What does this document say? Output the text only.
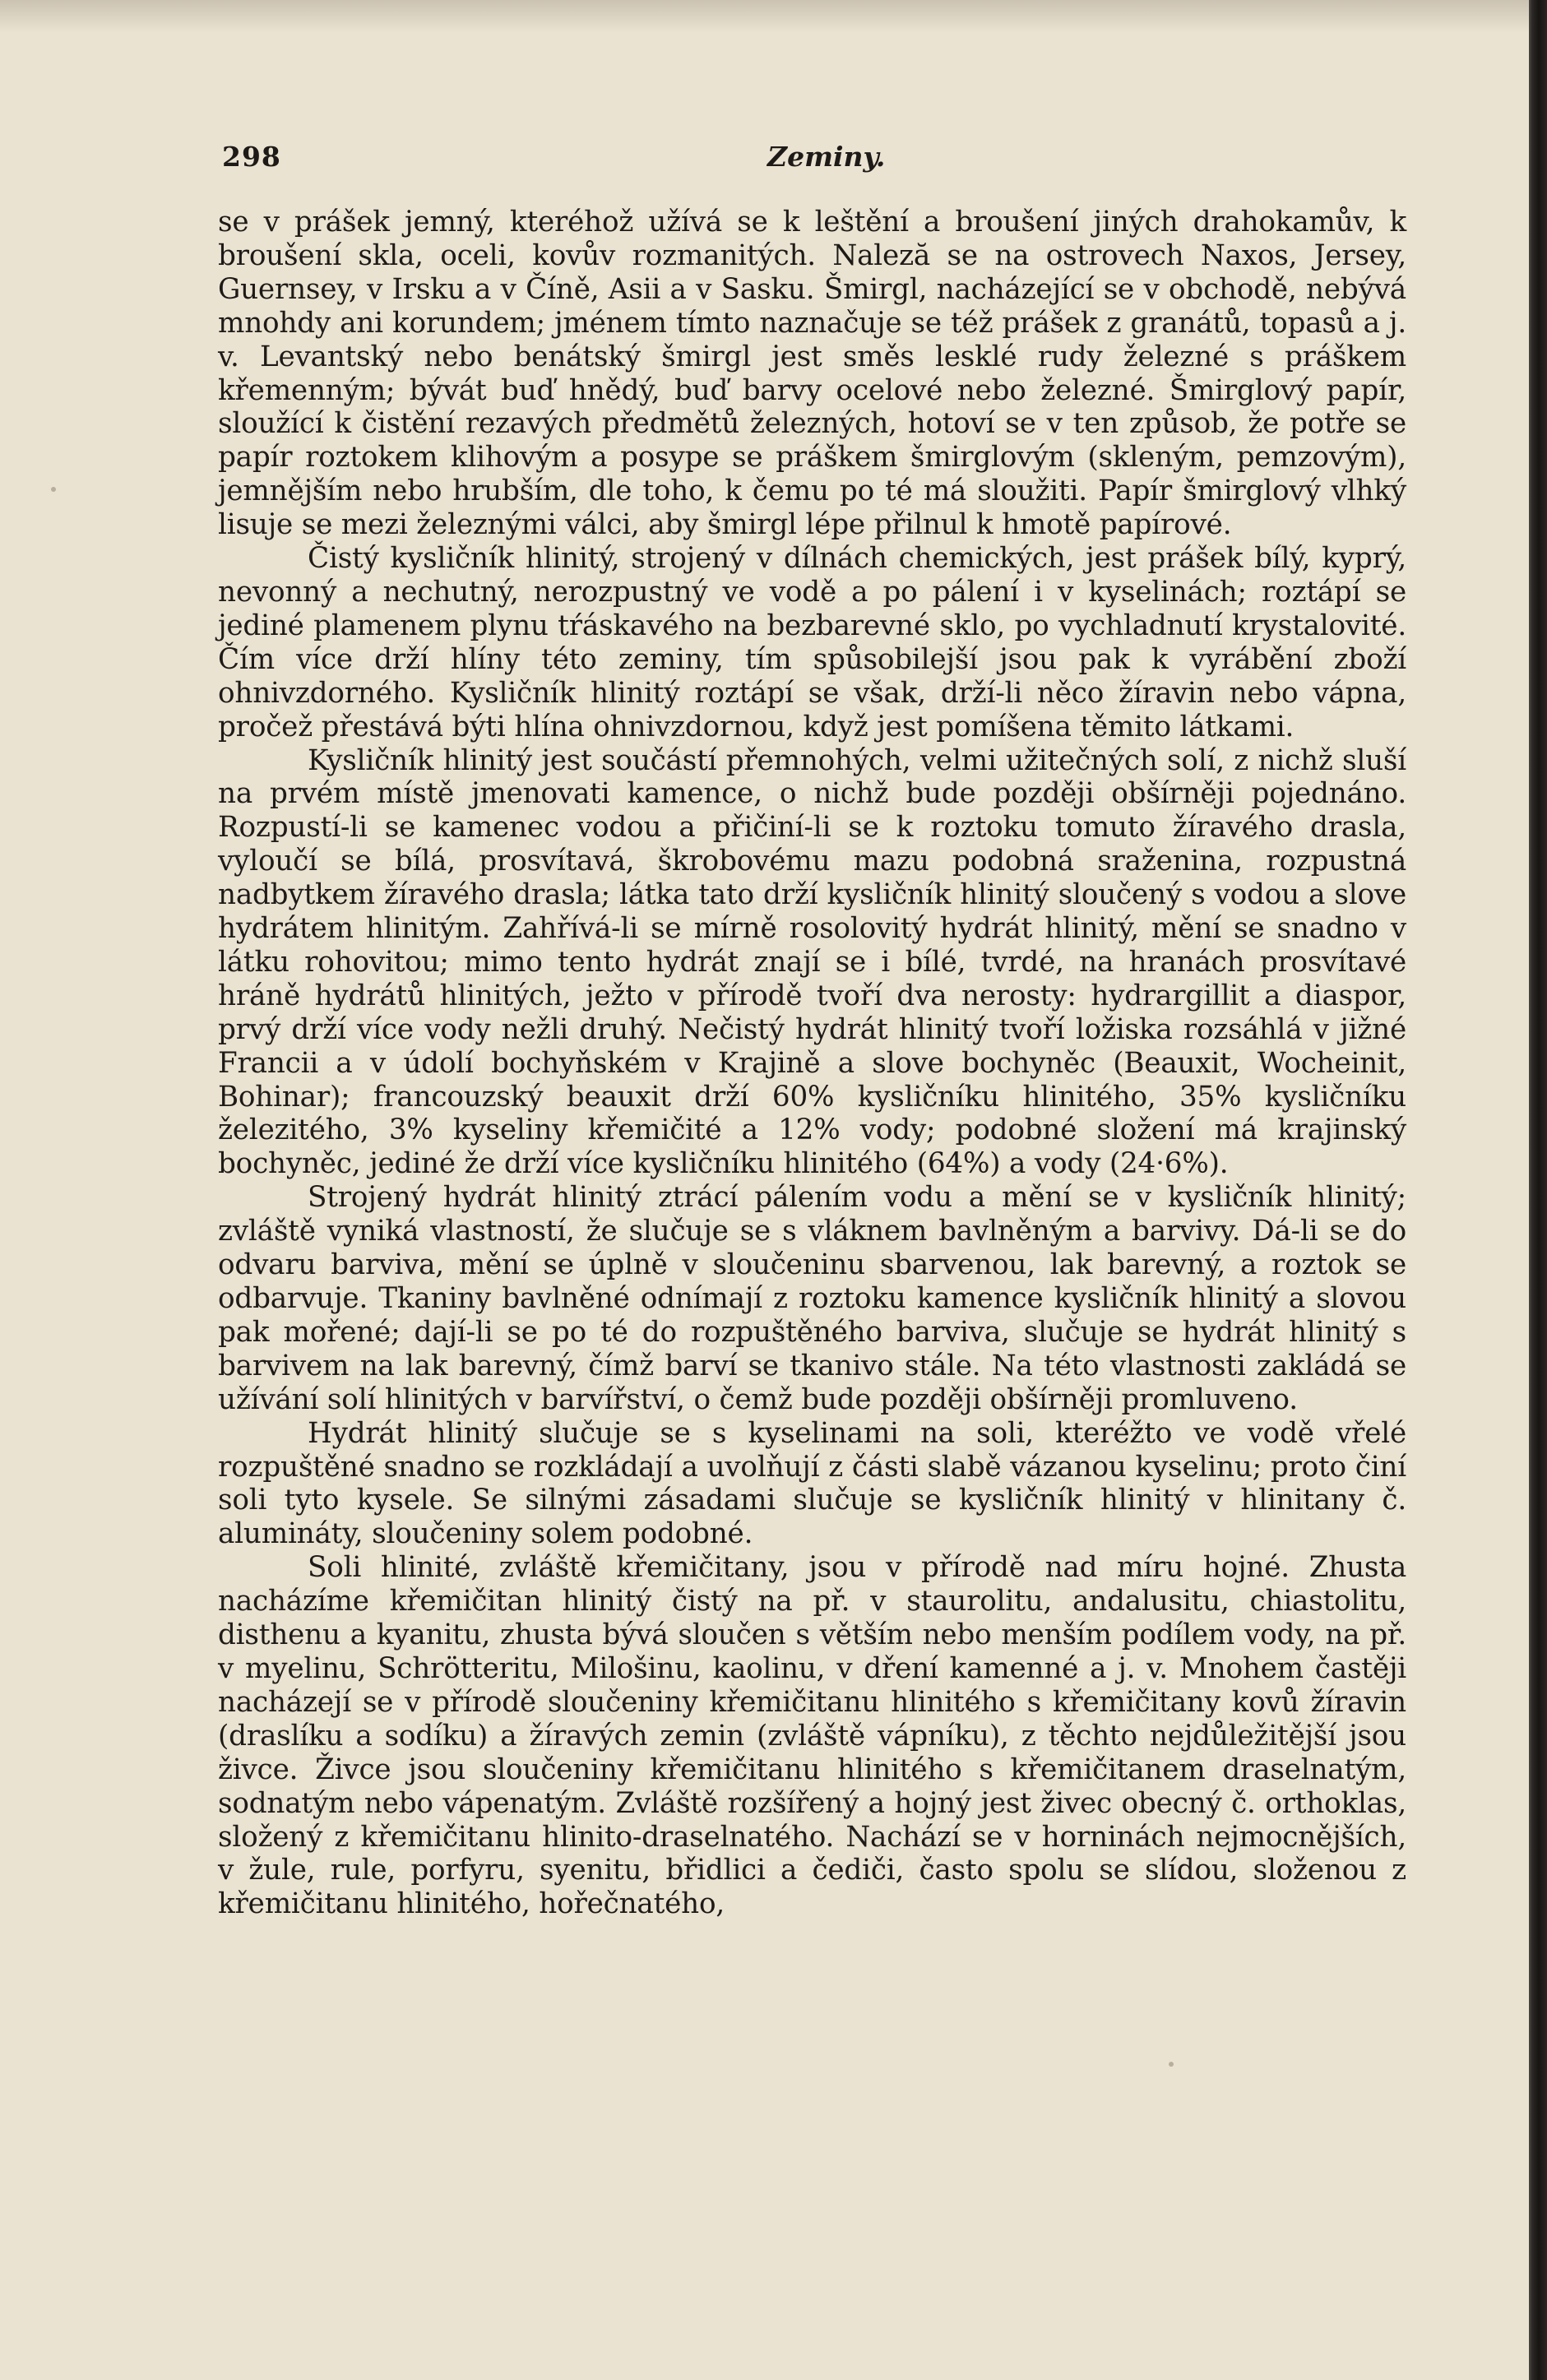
298	Zeminy.

se v prášek jemný, kteréhož užívá se k leštění a broušení jiných drahokamův, k broušení skla, oceli, kovův rozmanitých. Naleză se na ostrovech Naxos, Jersey, Guernsey, v Irsku a v Číně, Asii a v Sasku. Šmirgl, nacházející se v obchodě, nebývá mnohdy ani korundem; jménem tímto naznačuje se též prášek z granátů, topasů a j. v. Levantský nebo benátský šmirgl jest směs lesklé rudy železné s práškem křemenným; bývát buď hnědý, buď barvy ocelové nebo železné. Šmirglový papír, sloužící k čistění rezavých předmětů železných, hotoví se v ten způsob, že potře se papír roztokem klihovým a posype se práškem šmirglovým (skleným, pemzovým), jemnějším nebo hrubším, dle toho, k čemu po té má sloužiti. Papír šmirglový vlhký lisuje se mezi železnými válci, aby šmirgl lépe přilnul k hmotě papírové.

Čistý kysličník hlinitý, strojený v dílnách chemických, jest prášek bílý, kyprý, nevonný a nechutný, nerozpustný ve vodě a po pálení i v kyselinách; roztápí se jediné plamenem plynu tŕáskavého na bezbarevné sklo, po vychladnutí krystalovité. Čím více drží hlíny této zeminy, tím spůsobilejší jsou pak k vyrábění zboží ohnivzdorného. Kysličník hlinitý roztápí se však, drží-li něco žíravin nebo vápna, pročež přestává býti hlína ohnivzdornou, když jest pomíšena těmito látkami.

Kysličník hlinitý jest součástí přemnohých, velmi užitečných solí, z nichž sluší na prvém místě jmenovati kamence, o nichž bude později obšírněji pojednáno. Rozpustí-li se kamenec vodou a přičiní-li se k roztoku tomuto žíravého drasla, vyloučí se bílá, prosvítavá, škrobovému mazu podobná sraženina, rozpustná nadbytkem žíravého drasla; látka tato drží kysličník hlinitý sloučený s vodou a slove hydrátem hlinitým. Zahřívá-li se mírně rosolovitý hydrát hlinitý, mění se snadno v látku rohovitou; mimo tento hydrát znají se i bílé, tvrdé, na hranách prosvítavé hráně hydrátů hlinitých, ježto v přírodě tvoří dva nerosty: hydrargillit a diaspor, prvý drží více vody nežli druhý. Nečistý hydrát hlinitý tvoří ložiska rozsáhlá v jižné Francii a v údolí bochyňském v Krajině a slove bochyněc (Beauxit, Wocheinit, Bohinar); francouzský beauxit drží 60% kysličníku hlinitého, 35% kysličníku železitého, 3% kyseliny křemičité a 12% vody; podobné složení má krajinský bochyněc, jediné že drží více kysličníku hlinitého (64%) a vody (24·6%).

Strojený hydrát hlinitý ztrácí pálením vodu a mění se v kysličník hlinitý; zvláště vyniká vlastností, že slučuje se s vláknem bavlněným a barvivy. Dá-li se do odvaru barviva, mění se úplně v sloučeninu sbarvenou, lak barevný, a roztok se odbarvuje. Tkaniny bavlněné odnímají z roztoku kamence kysličník hlinitý a slovou pak mořené; dají-li se po té do rozpuštěného barviva, slučuje se hydrát hlinitý s barvivem na lak barevný, čímž barví se tkanivo stále. Na této vlastnosti zakládá se užívání solí hlinitých v barvířství, o čemž bude později obšírněji promluveno.

Hydrát hlinitý slučuje se s kyselinami na soli, kteréžto ve vodě vřelé rozpuštěné snadno se rozkládají a uvolňují z části slabě vázanou kyselinu; proto činí soli tyto kysele. Se silnými zásadami slučuje se kysličník hlinitý v hlinitany č. alumináty, sloučeniny solem podobné.

Soli hlinité, zvláště křemičitany, jsou v přírodě nad míru hojné. Zhusta nacházíme křemičitan hlinitý čistý na př. v staurolitu, andalusitu, chiastolitu, disthenu a kyanitu, zhusta bývá sloučen s větším nebo menším podílem vody, na př. v myelinu, Schrötteritu, Milošinu, kaolinu, v dření kamenné a j. v. Mnohem častěji nacházejí se v přírodě sloučeniny křemičitanu hlinitého s křemičitany kovů žíravin (draslíku a sodíku) a žíravých zemin (zvláště vápníku), z těchto nejdůležitější jsou živce. Živce jsou sloučeniny křemičitanu hlinitého s křemičitanem draselnatým, sodnatým nebo vápenatým. Zvláště rozšířený a hojný jest živec obecný č. orthoklas, složený z křemičitanu hlinito-draselnatého. Nachází se v horninách nejmocnějších, v žule, rule, porfyru, syenitu, břidlici a čediči, často spolu se slídou, složenou z křemičitanu hlinitého, hořečnatého,
